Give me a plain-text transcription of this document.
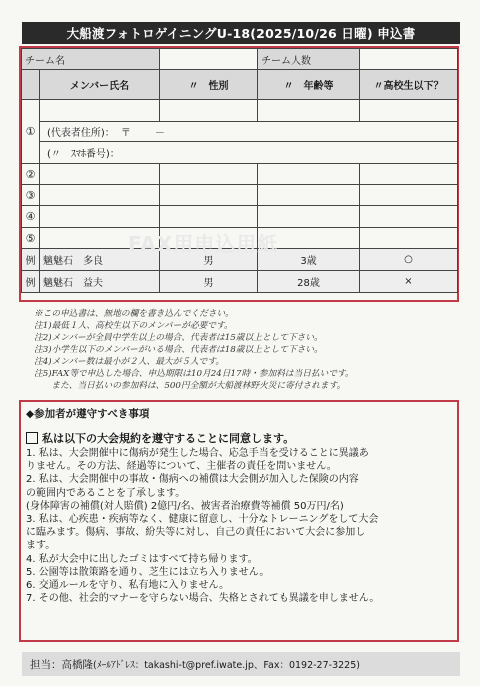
大船渡フォトロゲイニングU-18(2025/10/26 日曜) 申込書
チーム名			チーム人数	
	メンバー氏名	〃　性別	〃　年齢等	〃高校生以下？
①				

	(代表者住所)： 〒 －			

	(〃　ｽﾏﾎ番号)：			

②				
③				
④				
⑤				
例	魑魅石　多良	男	3歳	○
例	魑魅石　益夫	男	28歳	×
FAX用申込用紙
※この申込書は、無地の欄を書き込んでください。
注1)最低１人、高校生以下のメンバーが必要です。
注2)メンバーが全員中学生以上の場合、代表者は15歳以上として下さい。
注3)小学生以下のメンバーがいる場合、代表者は18歳以上として下さい。
注4)メンバー数は最小が２人、最大が５人です。
注5)FAX等で申込した場合、申込期限は10月24日17時・参加料は当日払いです。
　　また、当日払いの参加料は、500円全額が大船渡林野火災に寄付されます。
◆参加者が遵守すべき事項
私は以下の大会規約を遵守することに同意します。
1. 私は、大会開催中に傷病が発生した場合、応急手当を受けることに異議あ
りません。その方法、経過等について、主催者の責任を問いません。
2. 私は、大会開催中の事故・傷病への補償は大会側が加入した保険の内容
の範囲内であることを了承します。
(身体障害の補償(対人賠償) 2億円/名、被害者治療費等補償 50万円/名)
3. 私は、心疾患・疾病等なく、健康に留意し、十分なトレーニングをして大会
に臨みます。傷病、事故、紛失等に対し、自己の責任において大会に参加し
ます。
4. 私が大会中に出したゴミはすべて持ち帰ります。
5. 公園等は散策路を通り、芝生には立ち入りません。
6. 交通ルールを守り、私有地に入りません。
7. その他、社会的マナーを守らない場合、失格とされても異議を申しません。
担当：高橋隆 (ﾒｰﾙｱﾄﾞﾚｽ：takashi-t@pref.iwate.jp、Fax：0192-27-3225)
